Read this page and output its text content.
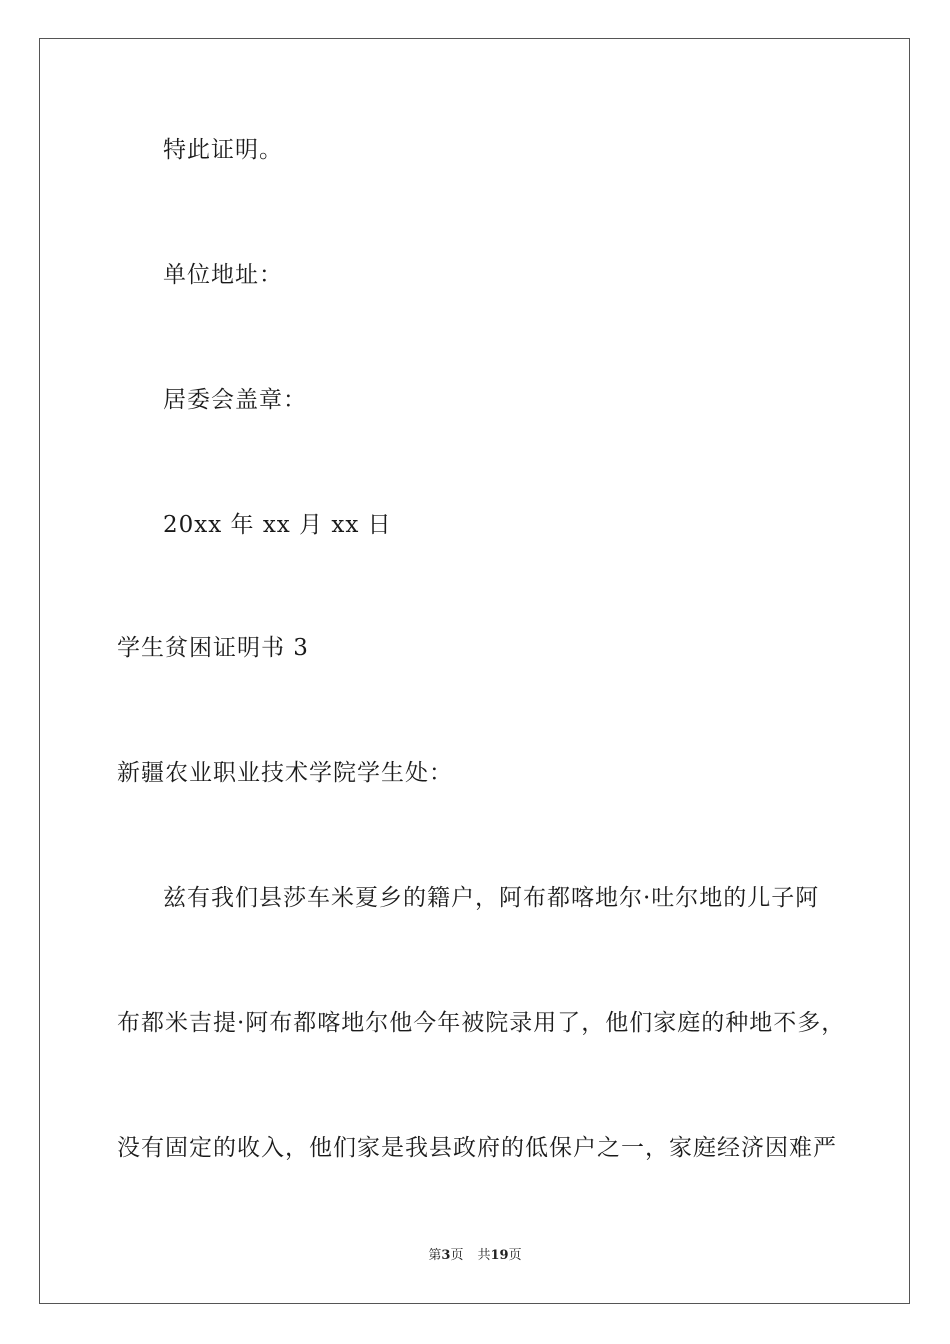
特此证明。
单位地址：
居委会盖章：
20xx 年 xx 月 xx 日
学生贫困证明书 3
新疆农业职业技术学院学生处：
兹有我们县莎车米夏乡的籍户，阿布都喀地尔·吐尔地的儿子阿
布都米吉提·阿布都喀地尔他今年被院录用了，他们家庭的种地不多，
没有固定的收入，他们家是我县政府的低保户之一，家庭经济因难严
第3页 共19页
